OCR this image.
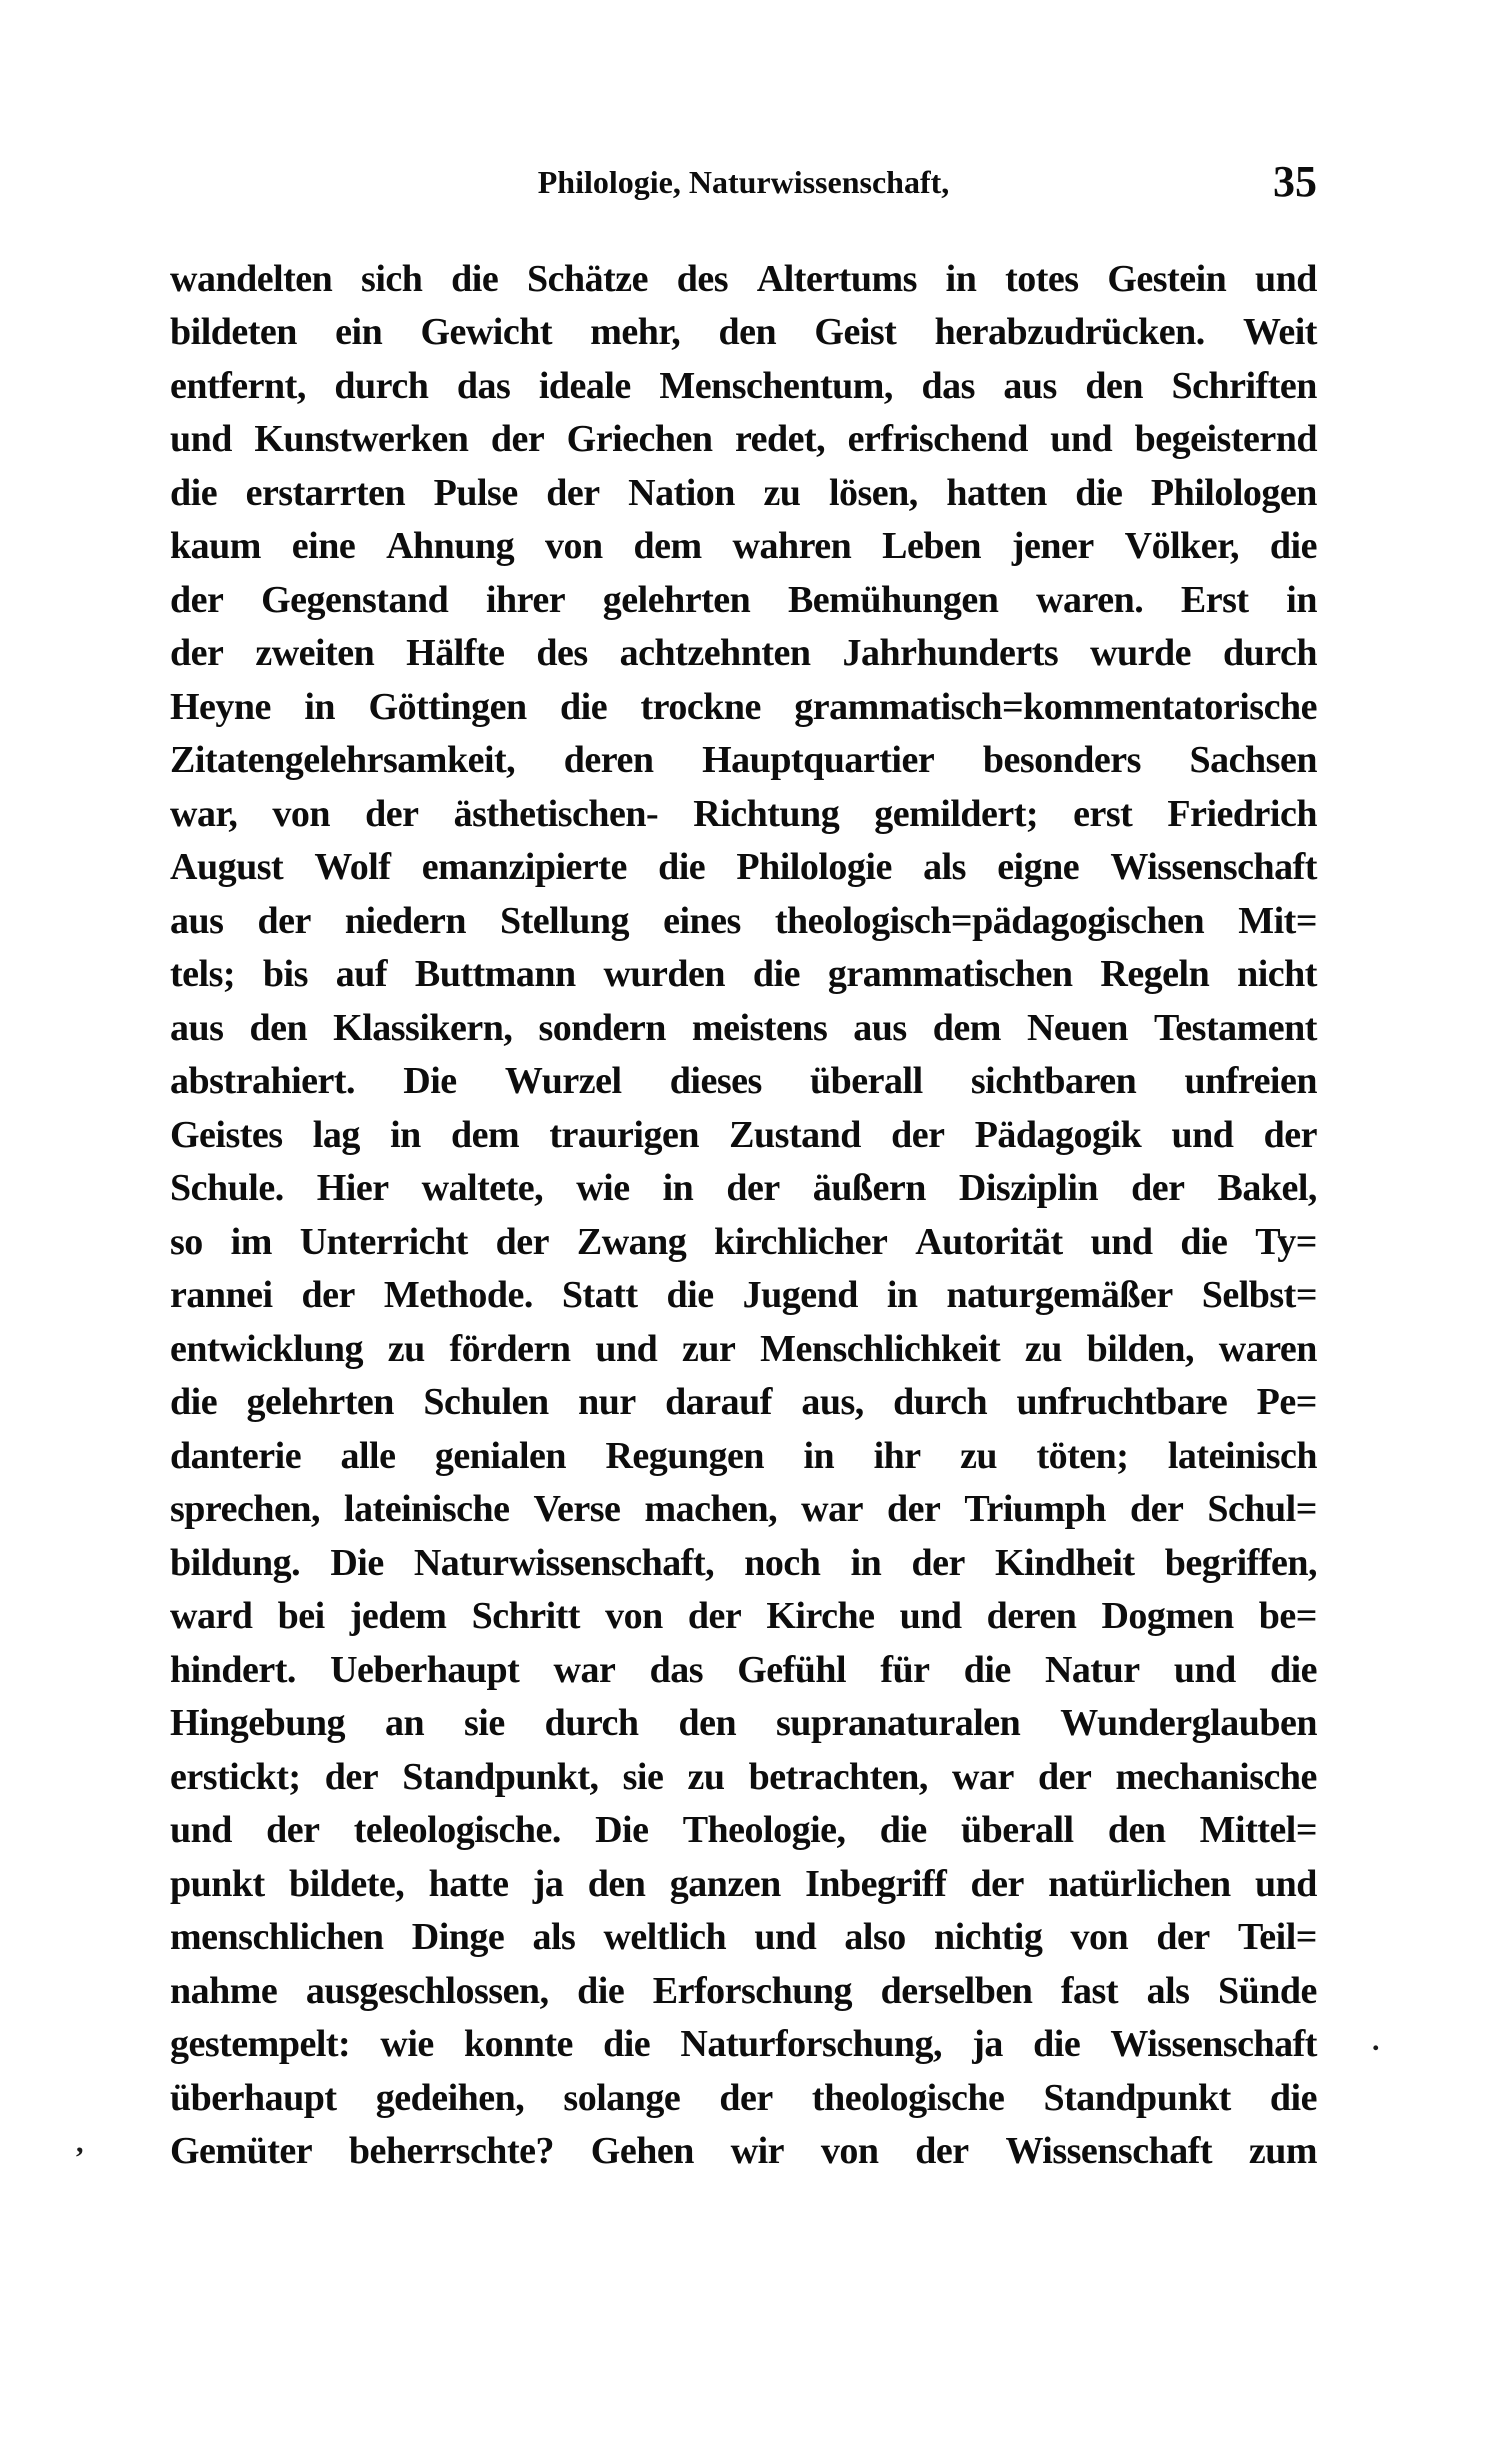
Philologie, Naturwissenschaft,	35
wandelten sich die Schätze des Altertums in totes Gestein und
bildeten ein Gewicht mehr, den Geist herabzudrücken. Weit
entfernt, durch das ideale Menschentum, das aus den Schriften
und Kunstwerken der Griechen redet, erfrischend und begeisternd
die erstarrten Pulse der Nation zu lösen, hatten die Philologen
kaum eine Ahnung von dem wahren Leben jener Völker, die
der Gegenstand ihrer gelehrten Bemühungen waren. Erst in
der zweiten Hälfte des achtzehnten Jahrhunderts wurde durch
Heyne in Göttingen die trockne grammatisch=kommentatorische
Zitatengelehrsamkeit, deren Hauptquartier besonders Sachsen
war, von der ästhetischen- Richtung gemildert; erst Friedrich
August Wolf emanzipierte die Philologie als eigne Wissenschaft
aus der niedern Stellung eines theologisch=pädagogischen Mit=
tels; bis auf Buttmann wurden die grammatischen Regeln nicht
aus den Klassikern, sondern meistens aus dem Neuen Testament
abstrahiert. Die Wurzel dieses überall sichtbaren unfreien
Geistes lag in dem traurigen Zustand der Pädagogik und der
Schule. Hier waltete, wie in der äußern Disziplin der Bakel,
so im Unterricht der Zwang kirchlicher Autorität und die Ty=
rannei der Methode. Statt die Jugend in naturgemäßer Selbst=
entwicklung zu fördern und zur Menschlichkeit zu bilden, waren
die gelehrten Schulen nur darauf aus, durch unfruchtbare Pe=
danterie alle genialen Regungen in ihr zu töten; lateinisch
sprechen, lateinische Verse machen, war der Triumph der Schul=
bildung. Die Naturwissenschaft, noch in der Kindheit begriffen,
ward bei jedem Schritt von der Kirche und deren Dogmen be=
hindert. Ueberhaupt war das Gefühl für die Natur und die
Hingebung an sie durch den supranaturalen Wunderglauben
erstickt; der Standpunkt, sie zu betrachten, war der mechanische
und der teleologische. Die Theologie, die überall den Mittel=
punkt bildete, hatte ja den ganzen Inbegriff der natürlichen und
menschlichen Dinge als weltlich und also nichtig von der Teil=
nahme ausgeschlossen, die Erforschung derselben fast als Sünde
gestempelt: wie konnte die Naturforschung, ja die Wissenschaft
überhaupt gedeihen, solange der theologische Standpunkt die
Gemüter beherrschte? Gehen wir von der Wissenschaft zum
,
.
